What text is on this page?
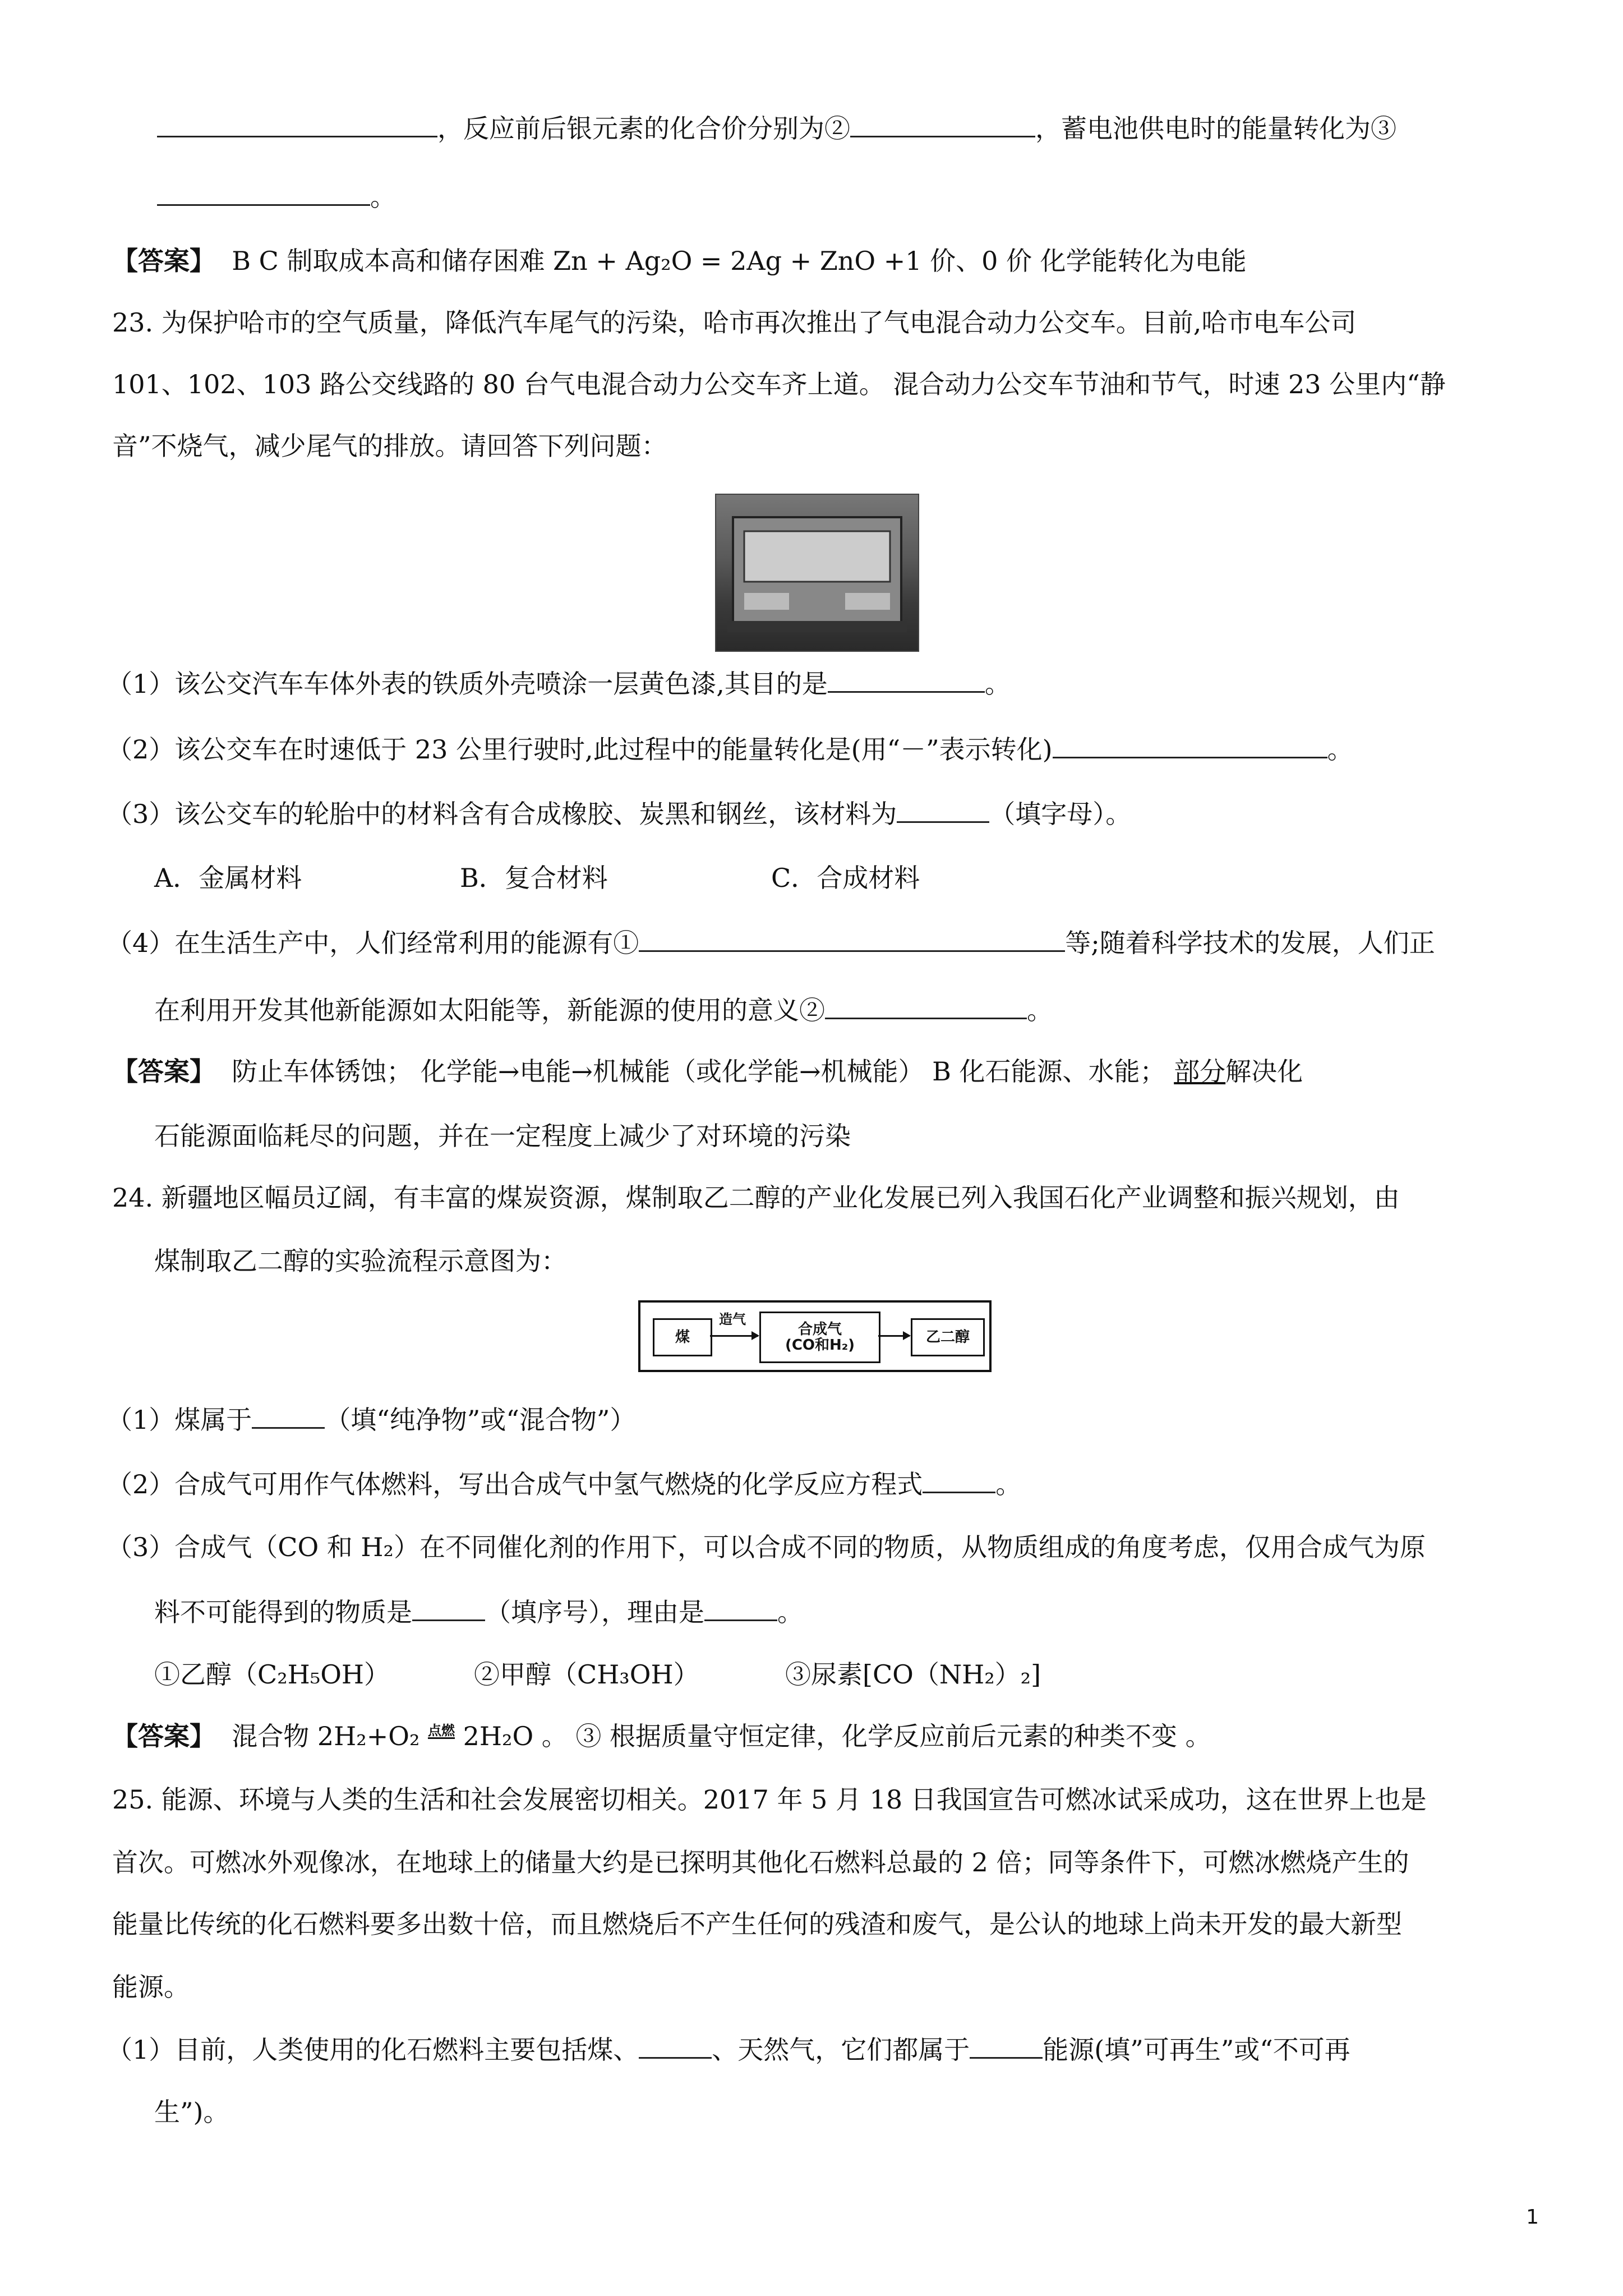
，反应前后银元素的化合价分别为②	，蓄电池供电时的能量转化为③
。
【答案】 B C 制取成本高和储存困难 Zn + Ag₂O = 2Ag + ZnO +1 价、0 价 化学能转化为电能
23. 为保护哈市的空气质量，降低汽车尾气的污染，哈市再次推出了气电混合动力公交车。目前,哈市电车公司
101、102、103 路公交线路的 80 台气电混合动力公交车齐上道。 混合动力公交车节油和节气，时速 23 公里内“静
音”不烧气，减少尾气的排放。请回答下列问题：
（1）该公交汽车车体外表的铁质外壳喷涂一层黄色漆,其目的是	。
（2）该公交车在时速低于 23 公里行驶时,此过程中的能量转化是(用“－”表示转化)	。
（3）该公交车的轮胎中的材料含有合成橡胶、炭黑和钢丝，该材料为	（填字母）。
A．金属材料	B．复合材料	C．合成材料
（4）在生活生产中，人们经常利用的能源有①	等;随着科学技术的发展，人们正
在利用开发其他新能源如太阳能等，新能源的使用的意义②	。
【答案】 防止车体锈蚀； 化学能→电能→机械能（或化学能→机械能） B 化石能源、水能； 部分解决化
石能源面临耗尽的问题，并在一定程度上减少了对环境的污染
24. 新疆地区幅员辽阔，有丰富的煤炭资源，煤制取乙二醇的产业化发展已列入我国石化产业调整和振兴规划，由
煤制取乙二醇的实验流程示意图为：
煤
造气
合成气
(CO和H₂)	乙二醇
（1）煤属于	（填“纯净物”或“混合物”）
（2）合成气可用作气体燃料，写出合成气中氢气燃烧的化学反应方程式	。
（3）合成气（CO 和 H₂）在不同催化剂的作用下，可以合成不同的物质，从物质组成的角度考虑，仅用合成气为原
料不可能得到的物质是	（填序号），理由是	。
①乙醇（C₂H₅OH）	②甲醇（CH₃OH）	③尿素[CO（NH₂）₂]
【答案】 混合物 2H₂+O₂ 点燃 2H₂O 。 ③ 根据质量守恒定律，化学反应前后元素的种类不变 。
25. 能源、环境与人类的生活和社会发展密切相关。2017 年 5 月 18 日我国宣告可燃冰试采成功，这在世界上也是
首次。可燃冰外观像冰，在地球上的储量大约是已探明其他化石燃料总最的 2 倍；同等条件下，可燃冰燃烧产生的
能量比传统的化石燃料要多出数十倍，而且燃烧后不产生任何的残渣和废气，是公认的地球上尚未开发的最大新型
能源。
（1）目前，人类使用的化石燃料主要包括煤、	、天然气，它们都属于	能源(填”可再生”或“不可再
生”)。
1
